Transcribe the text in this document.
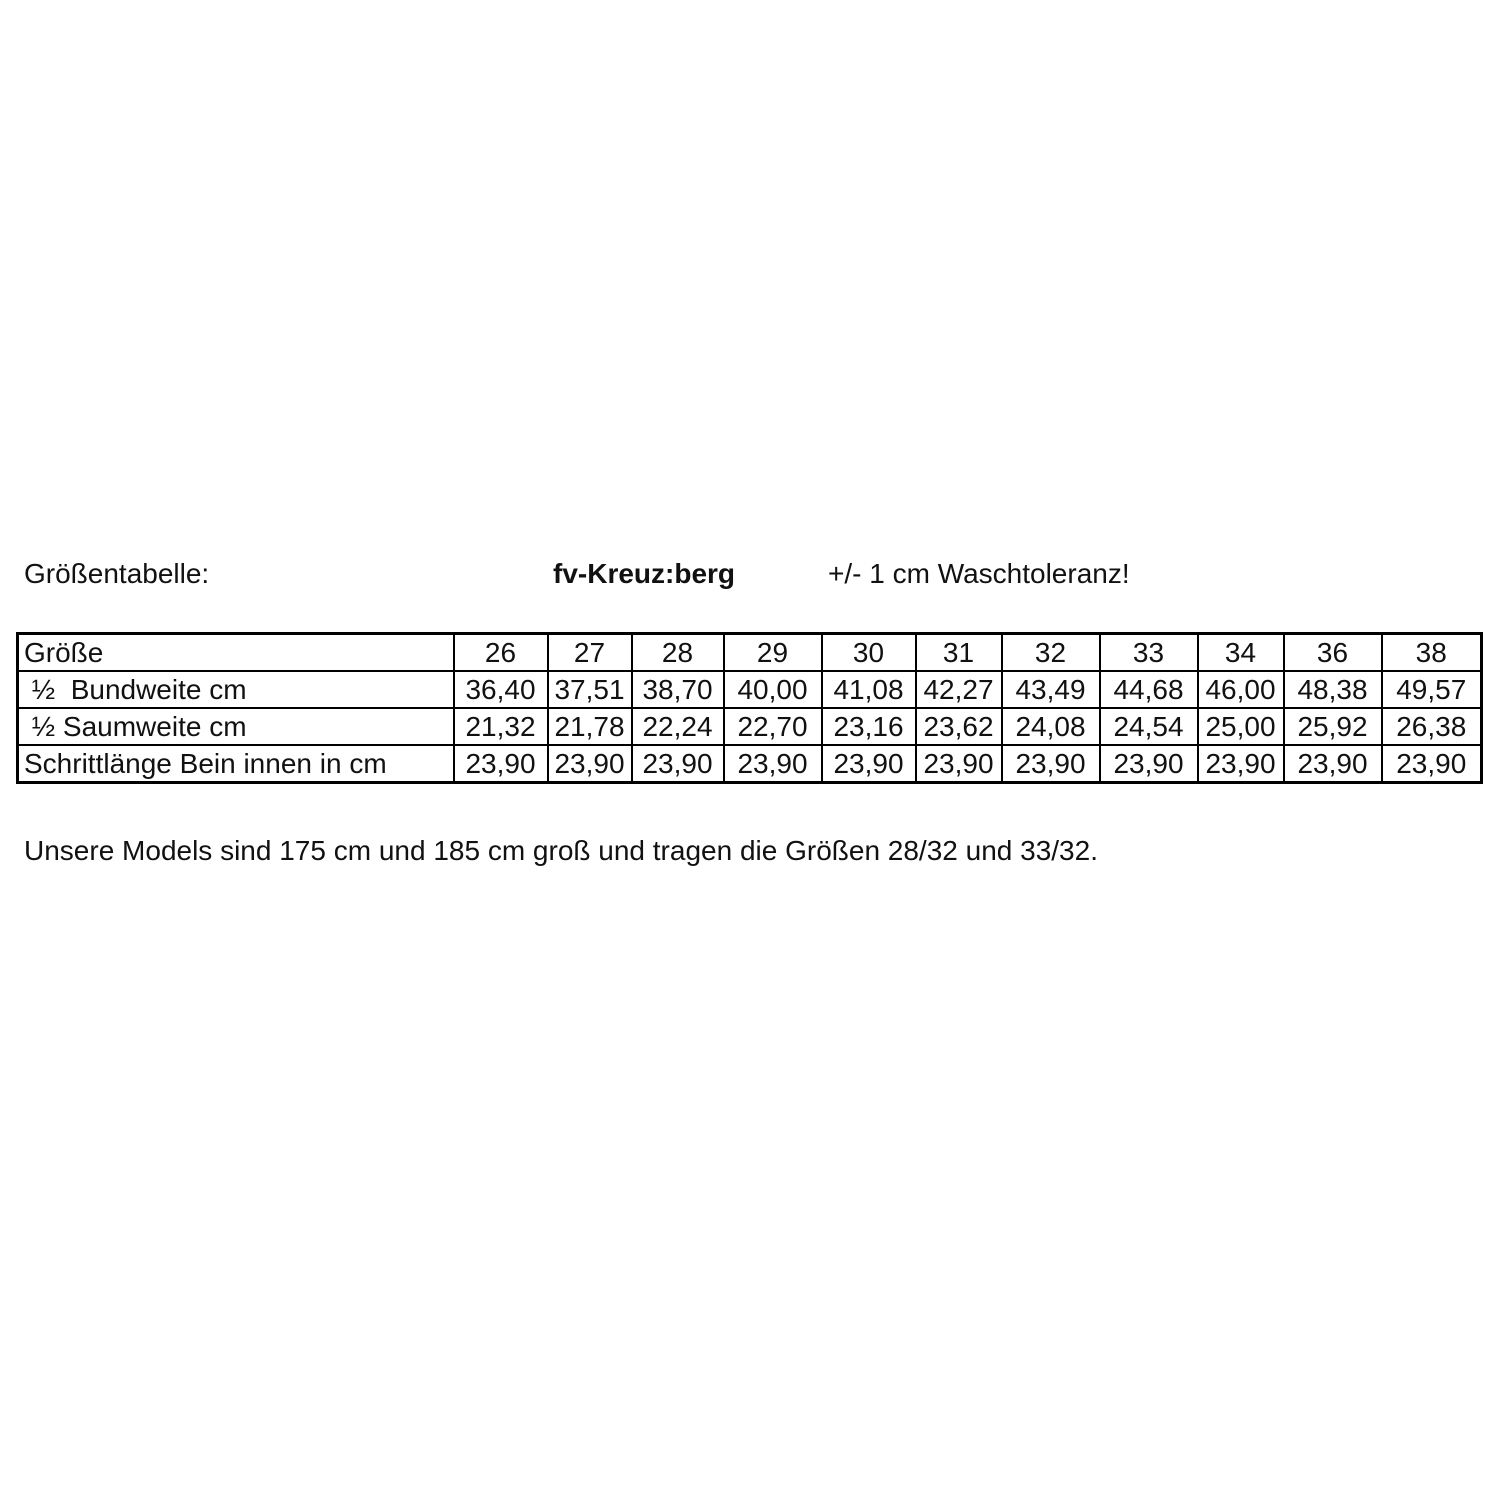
Größentabelle:	fv-Kreuz:berg	+/- 1 cm Waschtoleranz!
Größe	26	27	28	29	30	31	32	33	34	36	38
½  Bundweite cm	36,40	37,51	38,70	40,00	41,08	42,27	43,49	44,68	46,00	48,38	49,57
½ Saumweite cm	21,32	21,78	22,24	22,70	23,16	23,62	24,08	24,54	25,00	25,92	26,38
Schrittlänge Bein innen in cm	23,90	23,90	23,90	23,90	23,90	23,90	23,90	23,90	23,90	23,90	23,90
Unsere Models sind 175 cm und 185 cm groß und tragen die Größen 28/32 und 33/32.
